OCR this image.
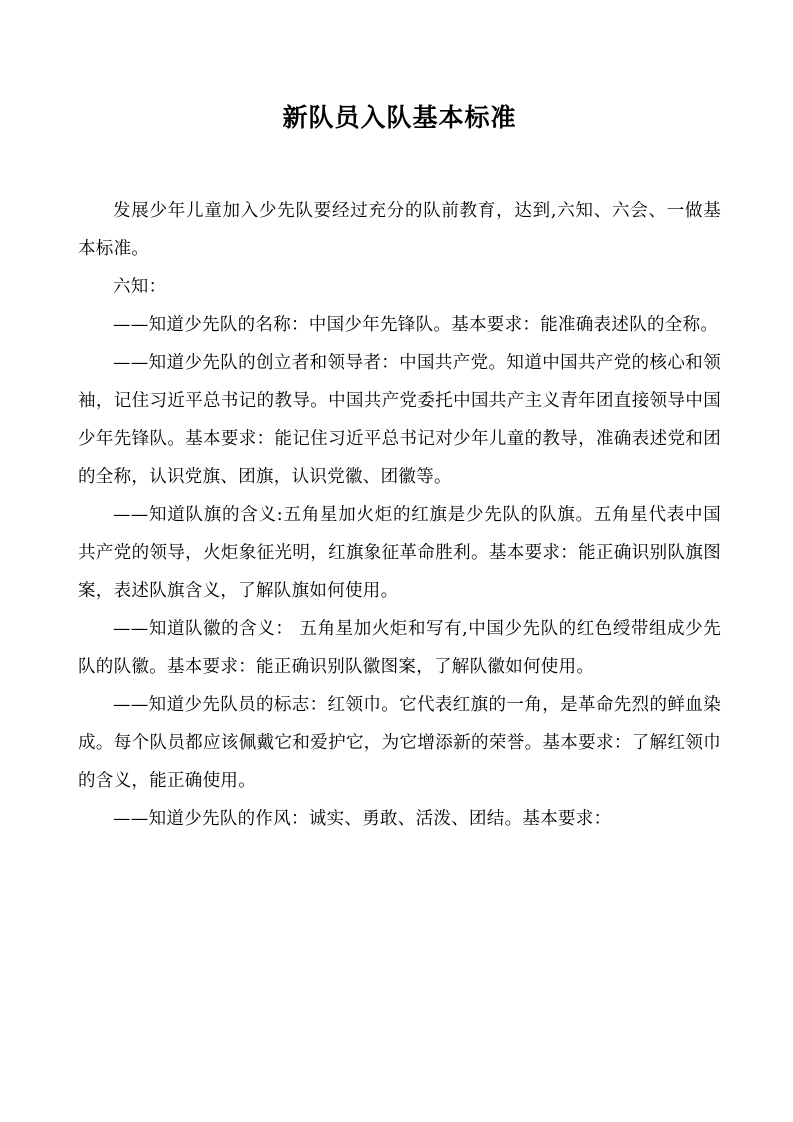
新队员入队基本标准

发展少年儿童加入少先队要经过充分的队前教育，达到,六知、六会、一做基本标准。

六知：

——知道少先队的名称：中国少年先锋队。基本要求：能准确表述队的全称。

——知道少先队的创立者和领导者：中国共产党。知道中国共产党的核心和领袖，记住习近平总书记的教导。中国共产党委托中国共产主义青年团直接领导中国少年先锋队。基本要求：能记住习近平总书记对少年儿童的教导，准确表述党和团的全称，认识党旗、团旗，认识党徽、团徽等。

——知道队旗的含义:五角星加火炬的红旗是少先队的队旗。五角星代表中国共产党的领导，火炬象征光明，红旗象征革命胜利。基本要求：能正确识别队旗图案，表述队旗含义，了解队旗如何使用。

——知道队徽的含义： 五角星加火炬和写有,中国少先队的红色绶带组成少先队的队徽。基本要求：能正确识别队徽图案，了解队徽如何使用。

——知道少先队员的标志：红领巾。它代表红旗的一角，是革命先烈的鲜血染成。每个队员都应该佩戴它和爱护它，为它增添新的荣誉。基本要求：了解红领巾的含义，能正确使用。

——知道少先队的作风：诚实、勇敢、活泼、团结。基本要求：
